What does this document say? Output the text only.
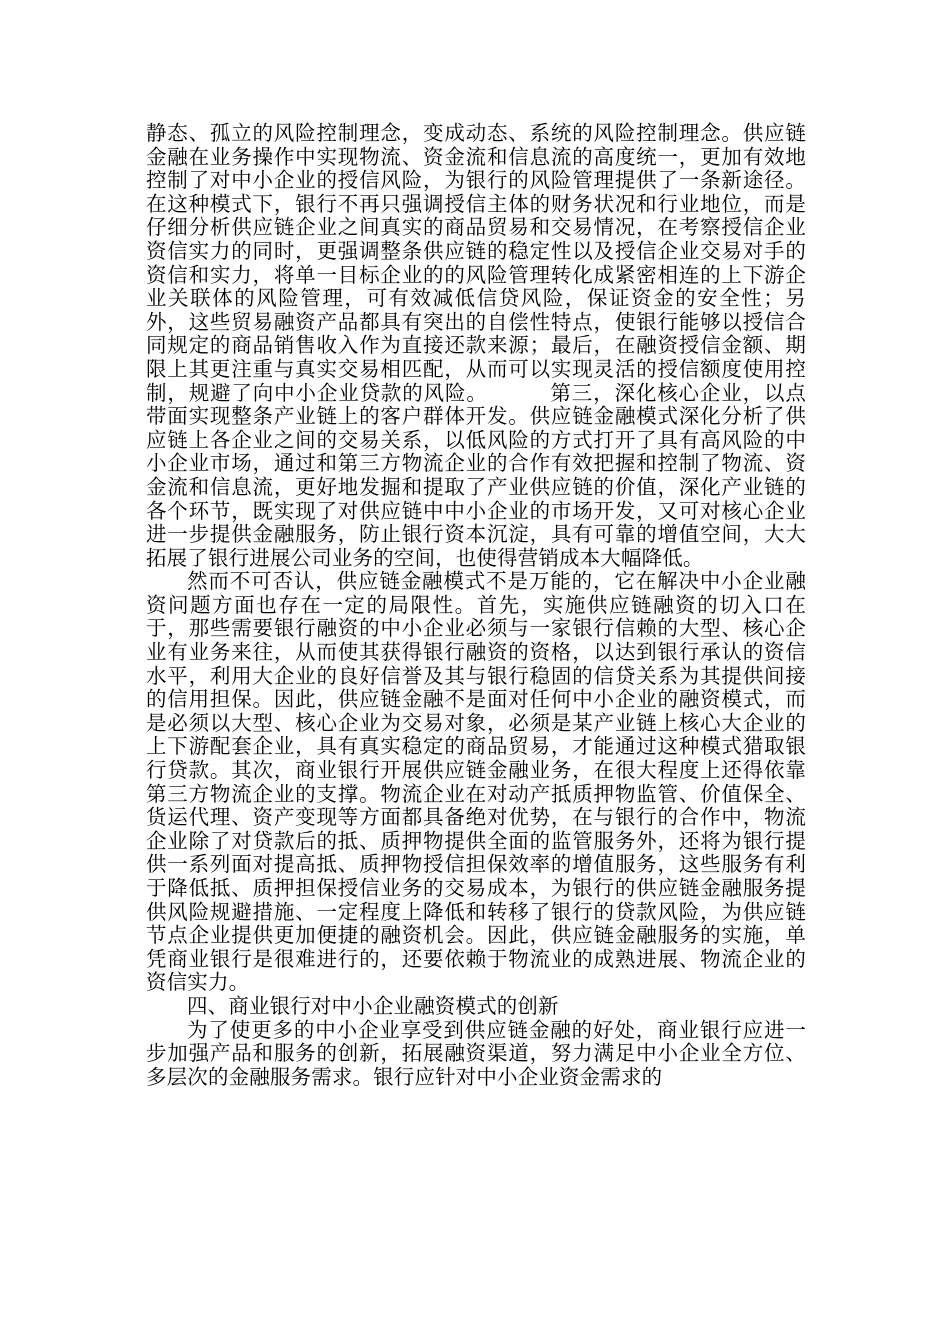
静态、孤立的风险控制理念，变成动态、系统的风险控制理念。供应链金融在业务操作中实现物流、资金流和信息流的高度统一，更加有效地控制了对中小企业的授信风险，为银行的风险管理提供了一条新途径。在这种模式下，银行不再只强调授信主体的财务状况和行业地位，而是仔细分析供应链企业之间真实的商品贸易和交易情况，在考察授信企业资信实力的同时，更强调整条供应链的稳定性以及授信企业交易对手的资信和实力，将单一目标企业的的风险管理转化成紧密相连的上下游企业关联体的风险管理，可有效减低信贷风险，保证资金的安全性；另外，这些贸易融资产品都具有突出的自偿性特点，使银行能够以授信合同规定的商品销售收入作为直接还款来源；最后，在融资授信金额、期限上其更注重与真实交易相匹配，从而可以实现灵活的授信额度使用控制，规避了向中小企业贷款的风险。	第三，深化核心企业，以点带面实现整条产业链上的客户群体开发。供应链金融模式深化分析了供应链上各企业之间的交易关系，以低风险的方式打开了具有高风险的中小企业市场，通过和第三方物流企业的合作有效把握和控制了物流、资金流和信息流，更好地发掘和提取了产业供应链的价值，深化产业链的各个环节，既实现了对供应链中中小企业的市场开发，又可对核心企业进一步提供金融服务，防止银行资本沉淀，具有可靠的增值空间，大大拓展了银行进展公司业务的空间，也使得营销成本大幅降低。

然而不可否认，供应链金融模式不是万能的，它在解决中小企业融资问题方面也存在一定的局限性。首先，实施供应链融资的切入口在于，那些需要银行融资的中小企业必须与一家银行信赖的大型、核心企业有业务来往，从而使其获得银行融资的资格，以达到银行承认的资信水平，利用大企业的良好信誉及其与银行稳固的信贷关系为其提供间接的信用担保。因此，供应链金融不是面对任何中小企业的融资模式，而是必须以大型、核心企业为交易对象，必须是某产业链上核心大企业的上下游配套企业，具有真实稳定的商品贸易，才能通过这种模式猎取银行贷款。其次，商业银行开展供应链金融业务，在很大程度上还得依靠第三方物流企业的支撑。物流企业在对动产抵质押物监管、价值保全、货运代理、资产变现等方面都具备绝对优势，在与银行的合作中，物流企业除了对贷款后的抵、质押物提供全面的监管服务外，还将为银行提供一系列面对提高抵、质押物授信担保效率的增值服务，这些服务有利于降低抵、质押担保授信业务的交易成本，为银行的供应链金融服务提供风险规避措施、一定程度上降低和转移了银行的贷款风险，为供应链节点企业提供更加便捷的融资机会。因此，供应链金融服务的实施，单凭商业银行是很难进行的，还要依赖于物流业的成熟进展、物流企业的资信实力。

四、商业银行对中小企业融资模式的创新

为了使更多的中小企业享受到供应链金融的好处，商业银行应进一步加强产品和服务的创新，拓展融资渠道，努力满足中小企业全方位、多层次的金融服务需求。银行应针对中小企业资金需求的
